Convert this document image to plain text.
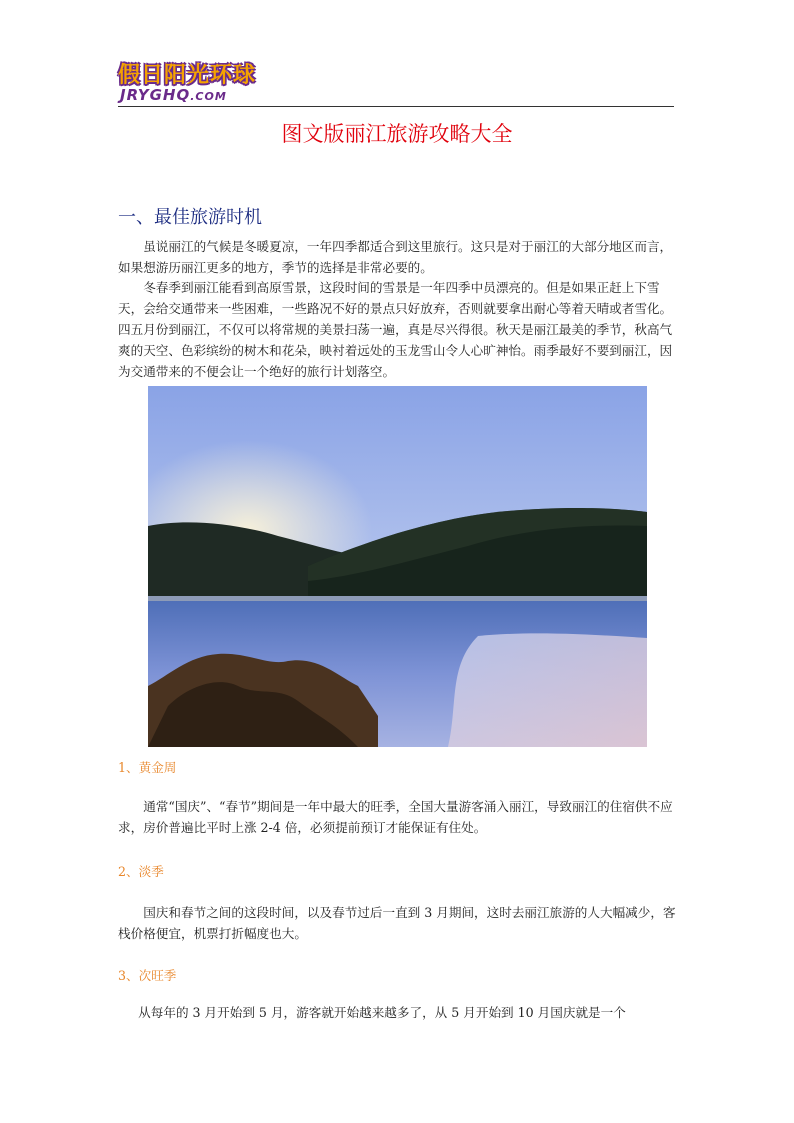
假日阳光环球
JRYGHQ.COM
图文版丽江旅游攻略大全
一、最佳旅游时机
虽说丽江的气候是冬暖夏凉，一年四季都适合到这里旅行。这只是对于丽江的大部分地区而言，如果想游历丽江更多的地方，季节的选择是非常必要的。
冬春季到丽江能看到高原雪景，这段时间的雪景是一年四季中员漂亮的。但是如果正赶上下雪天，会给交通带来一些困难，一些路况不好的景点只好放弃，否则就要拿出耐心等着天晴或者雪化。四五月份到丽江，不仅可以将常规的美景扫荡一遍，真是尽兴得很。秋天是丽江最美的季节，秋高气爽的天空、色彩缤纷的树木和花朵，映衬着远处的玉龙雪山令人心旷神怡。雨季最好不要到丽江，因为交通带来的不便会让一个绝好的旅行计划落空。
1、黄金周
通常“国庆”、“春节”期间是一年中最大的旺季，全国大量游客涌入丽江，导致丽江的住宿供不应求，房价普遍比平时上涨 2-4 倍，必须提前预订才能保证有住处。
2、淡季
国庆和春节之间的这段时间，以及春节过后一直到 3 月期间，这时去丽江旅游的人大幅减少，客栈价格便宜，机票打折幅度也大。
3、次旺季
从每年的 3 月开始到 5 月，游客就开始越来越多了，从 5 月开始到 10 月国庆就是一个
